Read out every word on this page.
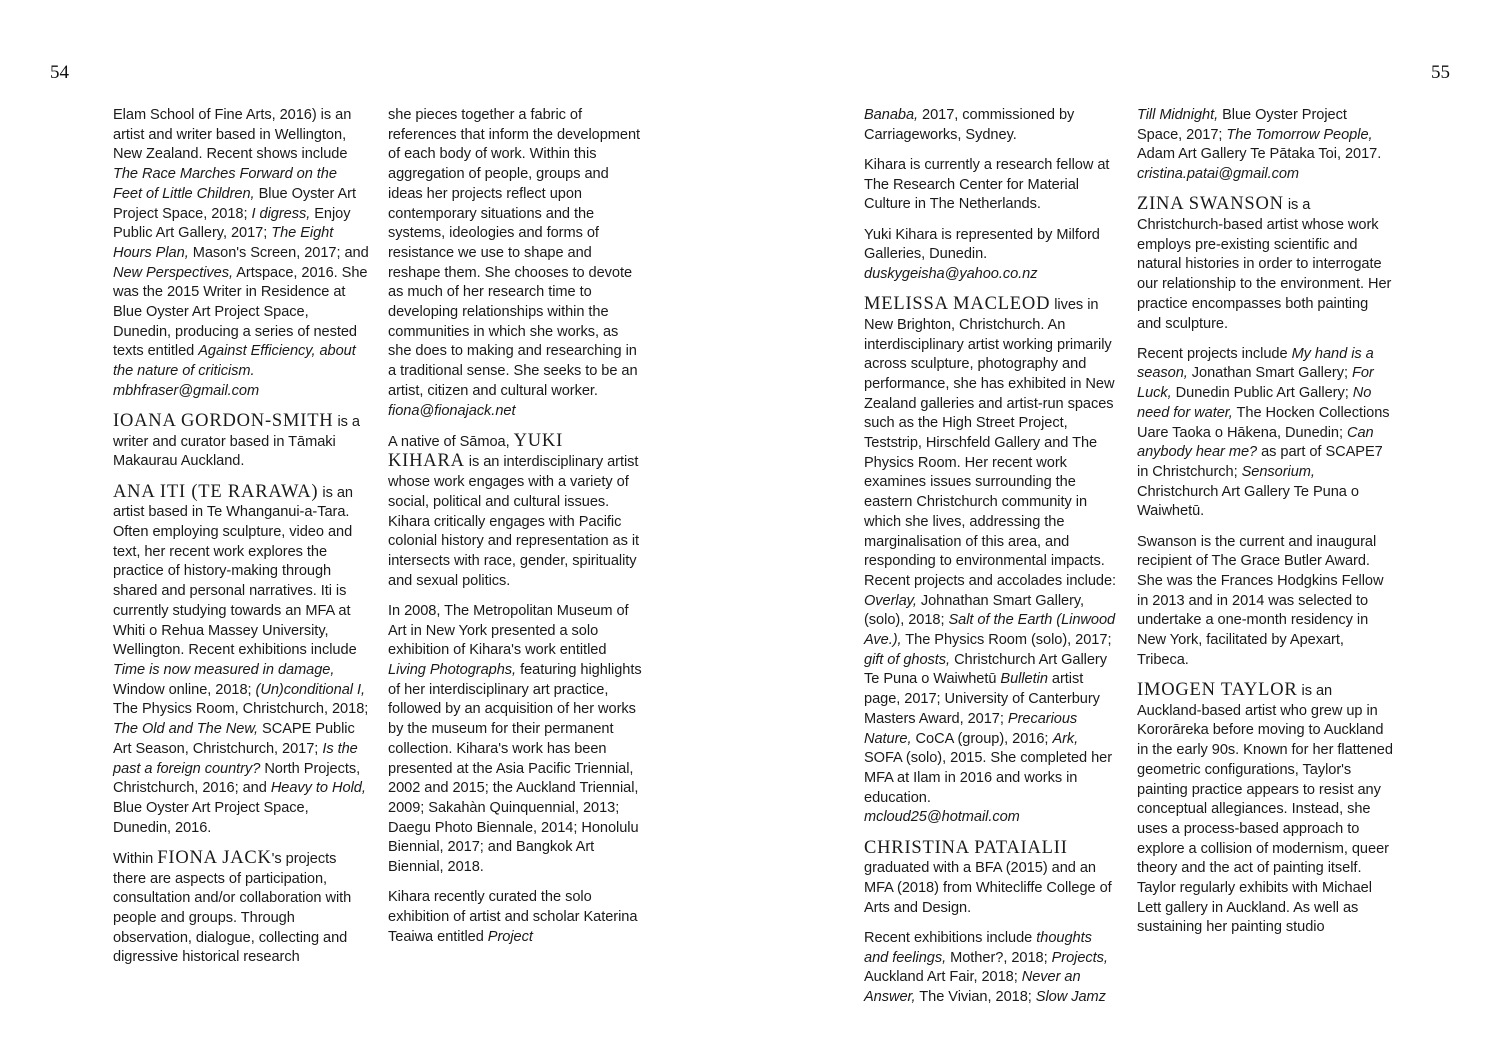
54	55

Elam School of Fine Arts, 2016) is an artist and writer based in Wellington, New Zealand. Recent shows include The Race Marches Forward on the Feet of Little Children, Blue Oyster Art Project Space, 2018; I digress, Enjoy Public Art Gallery, 2017; The Eight Hours Plan, Mason's Screen, 2017; and New Perspectives, Artspace, 2016. She was the 2015 Writer in Residence at Blue Oyster Art Project Space, Dunedin, producing a series of nested texts entitled Against Efficiency, about the nature of criticism.
mbhfraser@gmail.com

IOANA GORDON-SMITH is a writer and curator based in Tāmaki Makaurau Auckland.

ANA ITI (TE RARAWA) is an artist based in Te Whanganui-a-Tara. Often employing sculpture, video and text, her recent work explores the practice of history-making through shared and personal narratives. Iti is currently studying towards an MFA at Whiti o Rehua Massey University, Wellington. Recent exhibitions include Time is now measured in damage, Window online, 2018; (Un)conditional I, The Physics Room, Christchurch, 2018; The Old and The New, SCAPE Public Art Season, Christchurch, 2017; Is the past a foreign country? North Projects, Christchurch, 2016; and Heavy to Hold, Blue Oyster Art Project Space, Dunedin, 2016.

Within FIONA JACK's projects there are aspects of participation, consultation and/or collaboration with people and groups. Through observation, dialogue, collecting and digressive historical research

she pieces together a fabric of references that inform the development of each body of work. Within this aggregation of people, groups and ideas her projects reflect upon contemporary situations and the systems, ideologies and forms of resistance we use to shape and reshape them. She chooses to devote as much of her research time to developing relationships within the communities in which she works, as she does to making and researching in a traditional sense. She seeks to be an artist, citizen and cultural worker.
fiona@fionajack.net

A native of Sāmoa, YUKI KIHARA is an interdisciplinary artist whose work engages with a variety of social, political and cultural issues. Kihara critically engages with Pacific colonial history and representation as it intersects with race, gender, spirituality and sexual politics.

In 2008, The Metropolitan Museum of Art in New York presented a solo exhibition of Kihara's work entitled Living Photographs, featuring highlights of her interdisciplinary art practice, followed by an acquisition of her works by the museum for their permanent collection. Kihara's work has been presented at the Asia Pacific Triennial, 2002 and 2015; the Auckland Triennial, 2009; Sakahàn Quinquennial, 2013; Daegu Photo Biennale, 2014; Honolulu Biennial, 2017; and Bangkok Art Biennial, 2018.

Kihara recently curated the solo exhibition of artist and scholar Katerina Teaiwa entitled Project

Banaba, 2017, commissioned by Carriageworks, Sydney.

Kihara is currently a research fellow at The Research Center for Material Culture in The Netherlands.

Yuki Kihara is represented by Milford Galleries, Dunedin.
duskygeisha@yahoo.co.nz

MELISSA MACLEOD lives in New Brighton, Christchurch. An interdisciplinary artist working primarily across sculpture, photography and performance, she has exhibited in New Zealand galleries and artist-run spaces such as the High Street Project, Teststrip, Hirschfeld Gallery and The Physics Room. Her recent work examines issues surrounding the eastern Christchurch community in which she lives, addressing the marginalisation of this area, and responding to environmental impacts. Recent projects and accolades include: Overlay, Johnathan Smart Gallery, (solo), 2018; Salt of the Earth (Linwood Ave.), The Physics Room (solo), 2017; gift of ghosts, Christchurch Art Gallery Te Puna o Waiwhetū Bulletin artist page, 2017; University of Canterbury Masters Award, 2017; Precarious Nature, CoCA (group), 2016; Ark, SOFA (solo), 2015. She completed her MFA at Ilam in 2016 and works in education.
mcloud25@hotmail.com

CHRISTINA PATAIALII graduated with a BFA (2015) and an MFA (2018) from Whitecliffe College of Arts and Design.

Recent exhibitions include thoughts and feelings, Mother?, 2018; Projects, Auckland Art Fair, 2018; Never an Answer, The Vivian, 2018; Slow Jamz

Till Midnight, Blue Oyster Project Space, 2017; The Tomorrow People, Adam Art Gallery Te Pātaka Toi, 2017.
cristina.patai@gmail.com

ZINA SWANSON is a Christchurch-based artist whose work employs pre-existing scientific and natural histories in order to interrogate our relationship to the environment. Her practice encompasses both painting and sculpture.

Recent projects include My hand is a season, Jonathan Smart Gallery; For Luck, Dunedin Public Art Gallery; No need for water, The Hocken Collections Uare Taoka o Hākena, Dunedin; Can anybody hear me? as part of SCAPE7 in Christchurch; Sensorium, Christchurch Art Gallery Te Puna o Waiwhetū.

Swanson is the current and inaugural recipient of The Grace Butler Award. She was the Frances Hodgkins Fellow in 2013 and in 2014 was selected to undertake a one-month residency in New York, facilitated by Apexart, Tribeca.

IMOGEN TAYLOR is an Auckland-based artist who grew up in Kororāreka before moving to Auckland in the early 90s. Known for her flattened geometric configurations, Taylor's painting practice appears to resist any conceptual allegiances. Instead, she uses a process-based approach to explore a collision of modernism, queer theory and the act of painting itself. Taylor regularly exhibits with Michael Lett gallery in Auckland. As well as sustaining her painting studio
